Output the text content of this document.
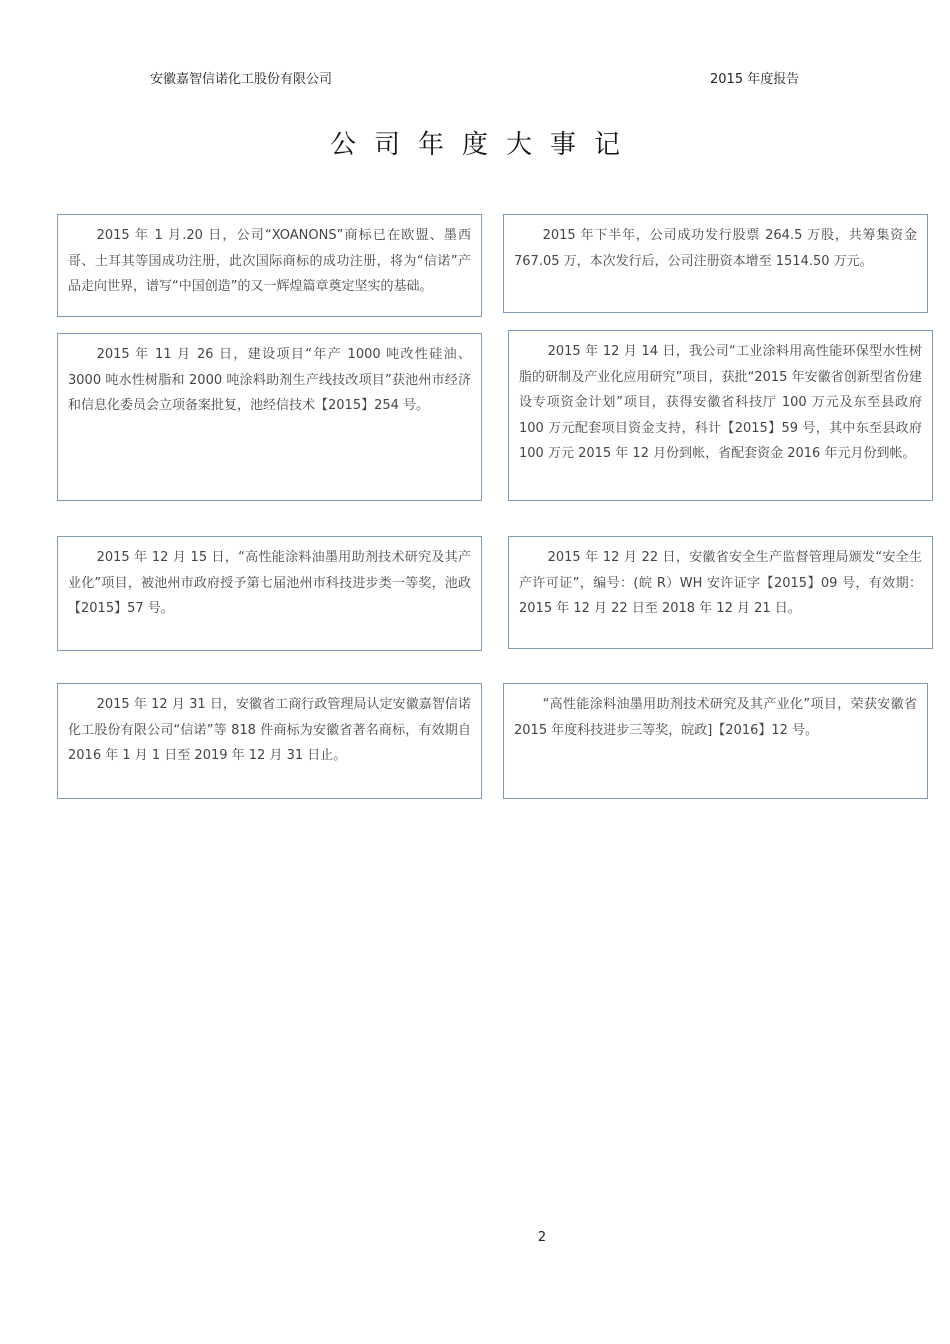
安徽嘉智信诺化工股份有限公司	2015 年度报告
公司年度大事记
2015 年 1 月.20 日，公司“XOANONS”商标已在欧盟、墨西哥、土耳其等国成功注册，此次国际商标的成功注册，将为“信诺”产品走向世界，谱写“中国创造”的又一辉煌篇章奠定坚实的基础。
2015 年下半年，公司成功发行股票 264.5 万股，共筹集资金 767.05 万，本次发行后，公司注册资本增至 1514.50 万元。
2015 年 11 月 26 日，建设项目“年产 1000 吨改性硅油、3000 吨水性树脂和 2000 吨涂料助剂生产线技改项目”获池州市经济和信息化委员会立项备案批复，池经信技术【2015】254 号。
2015 年 12 月 14 日，我公司“工业涂料用高性能环保型水性树脂的研制及产业化应用研究”项目，获批“2015 年安徽省创新型省份建设专项资金计划”项目，获得安徽省科技厅 100 万元及东至县政府 100 万元配套项目资金支持，科计【2015】59 号，其中东至县政府 100 万元 2015 年 12 月份到帐，省配套资金 2016 年元月份到帐。
2015 年 12 月 15 日，“高性能涂料油墨用助剂技术研究及其产业化”项目，被池州市政府授予第七届池州市科技进步类一等奖，池政【2015】57 号。
2015 年 12 月 22 日，安徽省安全生产监督管理局颁发“安全生产许可证”，编号：(皖 R）WH 安许证字【2015】09 号，有效期：2015 年 12 月 22 日至 2018 年 12 月 21 日。
2015 年 12 月 31 日，安徽省工商行政管理局认定安徽嘉智信诺化工股份有限公司“信诺”等 818 件商标为安徽省著名商标，有效期自 2016 年 1 月 1 日至 2019 年 12 月 31 日止。
“高性能涂料油墨用助剂技术研究及其产业化”项目，荣获安徽省 2015 年度科技进步三等奖，皖政]【2016】12 号。
2
